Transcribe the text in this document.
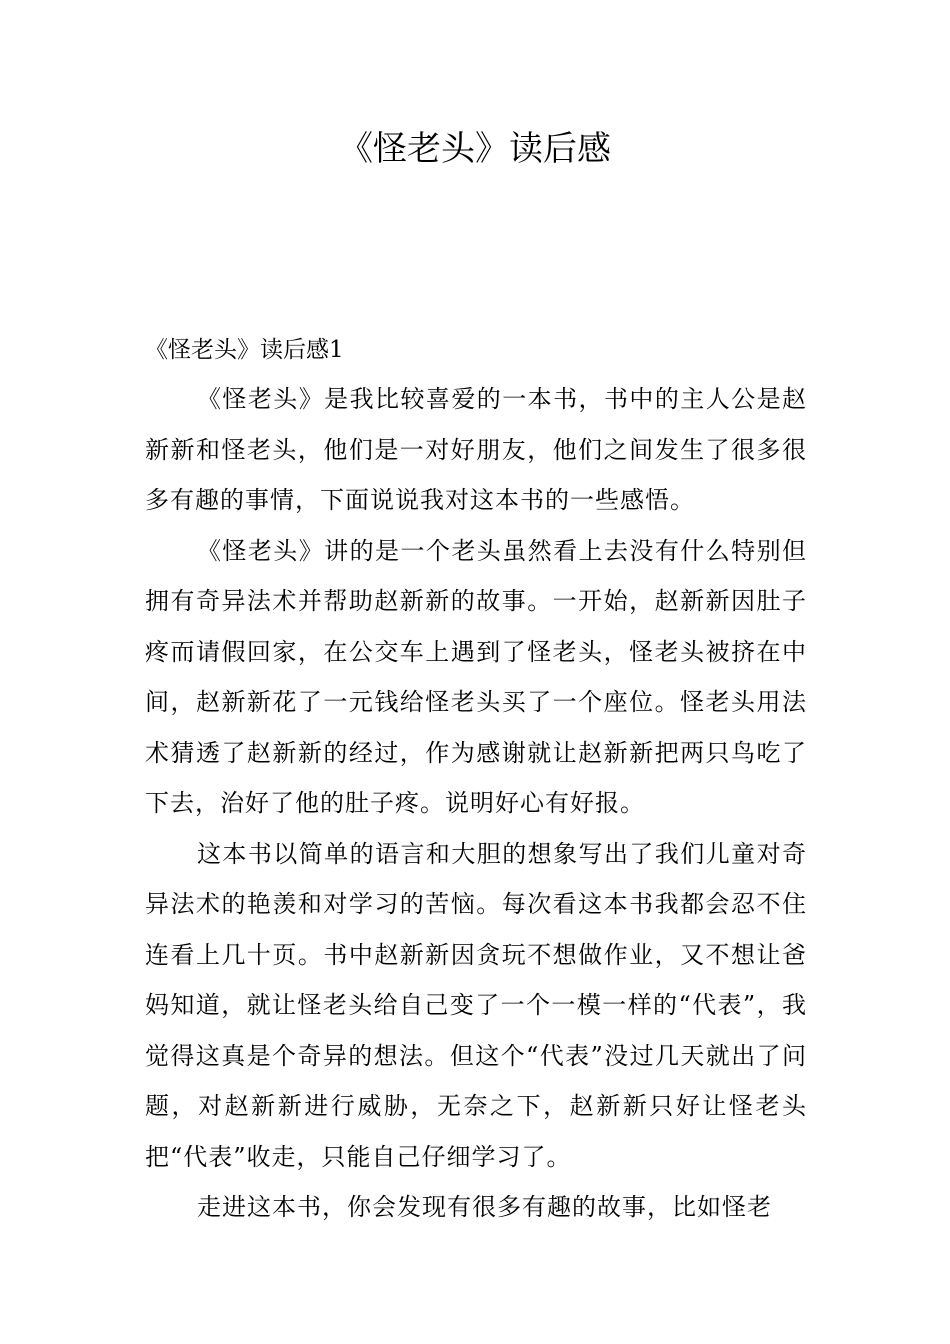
《怪老头》读后感

《怪老头》读后感1

《怪老头》是我比较喜爱的一本书，书中的主人公是赵新新和怪老头，他们是一对好朋友，他们之间发生了很多很多有趣的事情，下面说说我对这本书的一些感悟。

《怪老头》讲的是一个老头虽然看上去没有什么特别但拥有奇异法术并帮助赵新新的故事。一开始，赵新新因肚子疼而请假回家，在公交车上遇到了怪老头，怪老头被挤在中间，赵新新花了一元钱给怪老头买了一个座位。怪老头用法术猜透了赵新新的经过，作为感谢就让赵新新把两只鸟吃了下去，治好了他的肚子疼。说明好心有好报。

这本书以简单的语言和大胆的想象写出了我们儿童对奇异法术的艳羡和对学习的苦恼。每次看这本书我都会忍不住连看上几十页。书中赵新新因贪玩不想做作业，又不想让爸妈知道，就让怪老头给自己变了一个一模一样的“代表”，我觉得这真是个奇异的想法。但这个“代表”没过几天就出了问题，对赵新新进行威胁，无奈之下，赵新新只好让怪老头把“代表”收走，只能自己仔细学习了。

走进这本书，你会发现有很多有趣的故事，比如怪老
